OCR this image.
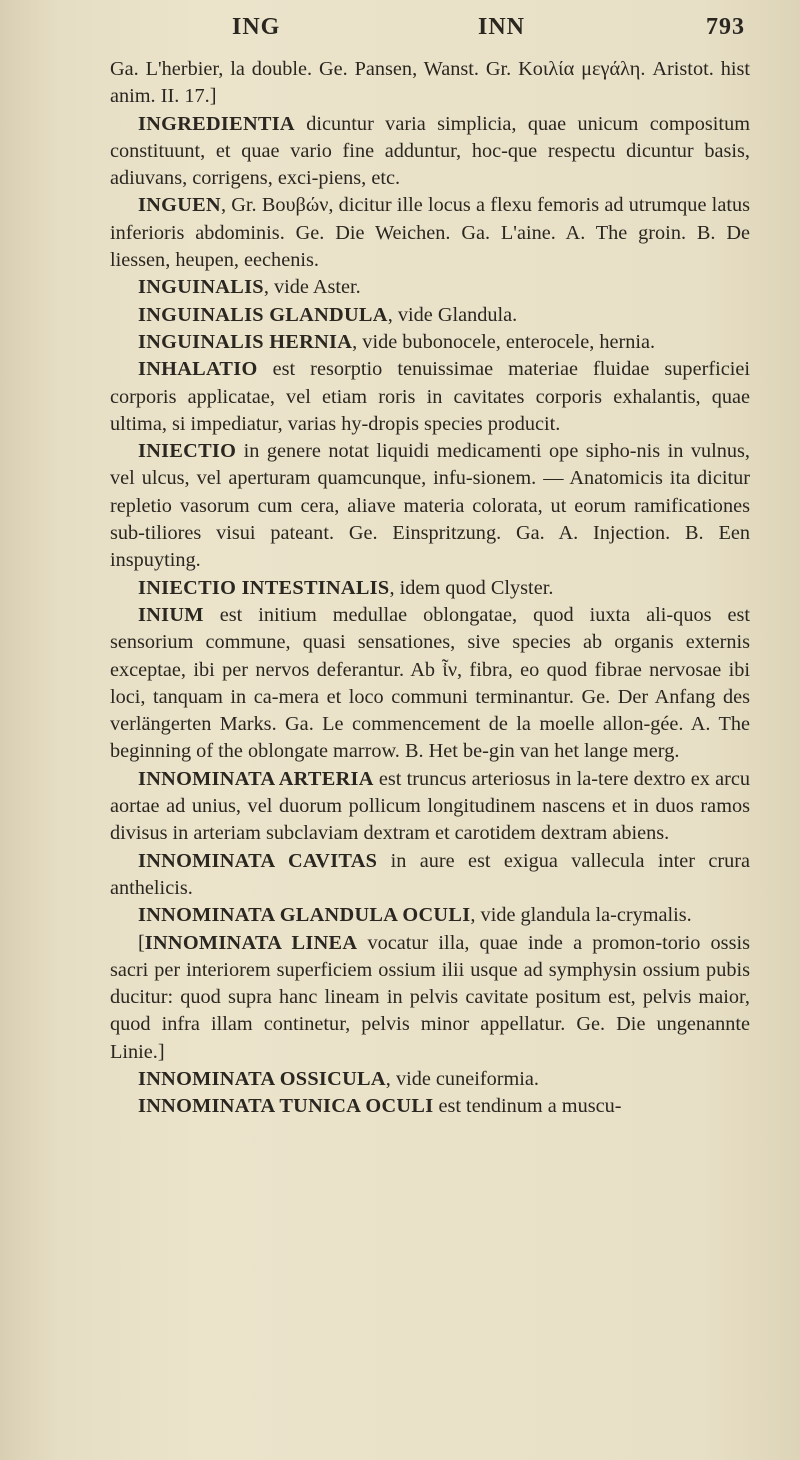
ING	INN	793

Ga. L'herbier, la double. Ge. Pansen, Wanst. Gr. Κοιλία μεγάλη. Aristot. hist anim. II. 17.]

INGREDIENTIA dicuntur varia simplicia, quae unicum compositum constituunt, et quae vario fine adduntur, hoc-que respectu dicuntur basis, adiuvans, corrigens, exci-piens, etc.

INGUEN, Gr. Βουβών, dicitur ille locus a flexu femoris ad utrumque latus inferioris abdominis. Ge. Die Weichen. Ga. L'aine. A. The groin. B. De liessen, heupen, eechenis.

INGUINALIS, vide Aster.

INGUINALIS GLANDULA, vide Glandula.

INGUINALIS HERNIA, vide bubonocele, enterocele, hernia.

INHALATIO est resorptio tenuissimae materiae fluidae superficiei corporis applicatae, vel etiam roris in cavitates corporis exhalantis, quae ultima, si impediatur, varias hy-dropis species producit.

INIECTIO in genere notat liquidi medicamenti ope sipho-nis in vulnus, vel ulcus, vel aperturam quamcunque, infu-sionem. — Anatomicis ita dicitur repletio vasorum cum cera, aliave materia colorata, ut eorum ramificationes sub-tiliores visui pateant. Ge. Einspritzung. Ga. A. Injection. B. Een inspuyting.

INIECTIO INTESTINALIS, idem quod Clyster.

INIUM est initium medullae oblongatae, quod iuxta ali-quos est sensorium commune, quasi sensationes, sive species ab organis externis exceptae, ibi per nervos deferantur. Ab ἶν, fibra, eo quod fibrae nervosae ibi loci, tanquam in ca-mera et loco communi terminantur. Ge. Der Anfang des verlängerten Marks. Ga. Le commencement de la moelle allon-gée. A. The beginning of the oblongate marrow. B. Het be-gin van het lange merg.

INNOMINATA ARTERIA est truncus arteriosus in la-tere dextro ex arcu aortae ad unius, vel duorum pollicum longitudinem nascens et in duos ramos divisus in arteriam subclaviam dextram et carotidem dextram abiens.

INNOMINATA CAVITAS in aure est exigua vallecula inter crura anthelicis.

INNOMINATA GLANDULA OCULI, vide glandula la-crymalis.

[INNOMINATA LINEA vocatur illa, quae inde a promon-torio ossis sacri per interiorem superficiem ossium ilii usque ad symphysin ossium pubis ducitur: quod supra hanc lineam in pelvis cavitate positum est, pelvis maior, quod infra illam continetur, pelvis minor appellatur. Ge. Die ungenannte Linie.]

INNOMINATA OSSICULA, vide cuneiformia.

INNOMINATA TUNICA OCULI est tendinum a muscu-
